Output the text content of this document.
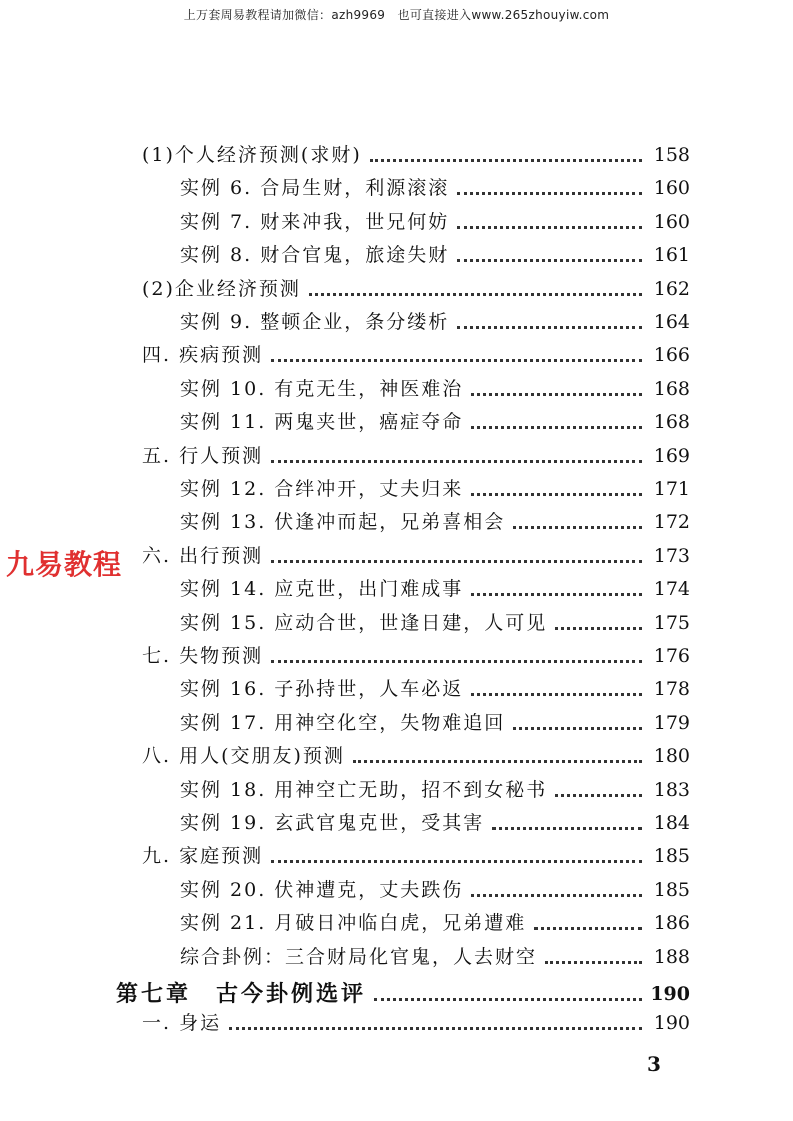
上万套周易教程请加微信：azh9969　也可直接进入www.265zhouyiw.com
九易教程
(1)个人经济预测(求财)	158
实例 6. 合局生财，利源滚滚	160
实例 7. 财来冲我，世兄何妨	160
实例 8. 财合官鬼，旅途失财	161
(2)企业经济预测	162
实例 9. 整顿企业，条分缕析	164
四. 疾病预测	166
实例 10. 有克无生，神医难治	168
实例 11. 两鬼夹世，癌症夺命	168
五. 行人预测	169
实例 12. 合绊冲开，丈夫归来	171
实例 13. 伏逢冲而起，兄弟喜相会	172
六. 出行预测	173
实例 14. 应克世，出门难成事	174
实例 15. 应动合世，世逢日建，人可见	175
七. 失物预测	176
实例 16. 子孙持世，人车必返	178
实例 17. 用神空化空，失物难追回	179
八. 用人(交朋友)预测	180
实例 18. 用神空亡无助，招不到女秘书	183
实例 19. 玄武官鬼克世，受其害	184
九. 家庭预测	185
实例 20. 伏神遭克，丈夫跌伤	185
实例 21. 月破日冲临白虎，兄弟遭难	186
综合卦例：三合财局化官鬼，人去财空	188
第七章　古今卦例选评	190
一. 身运	190
3
